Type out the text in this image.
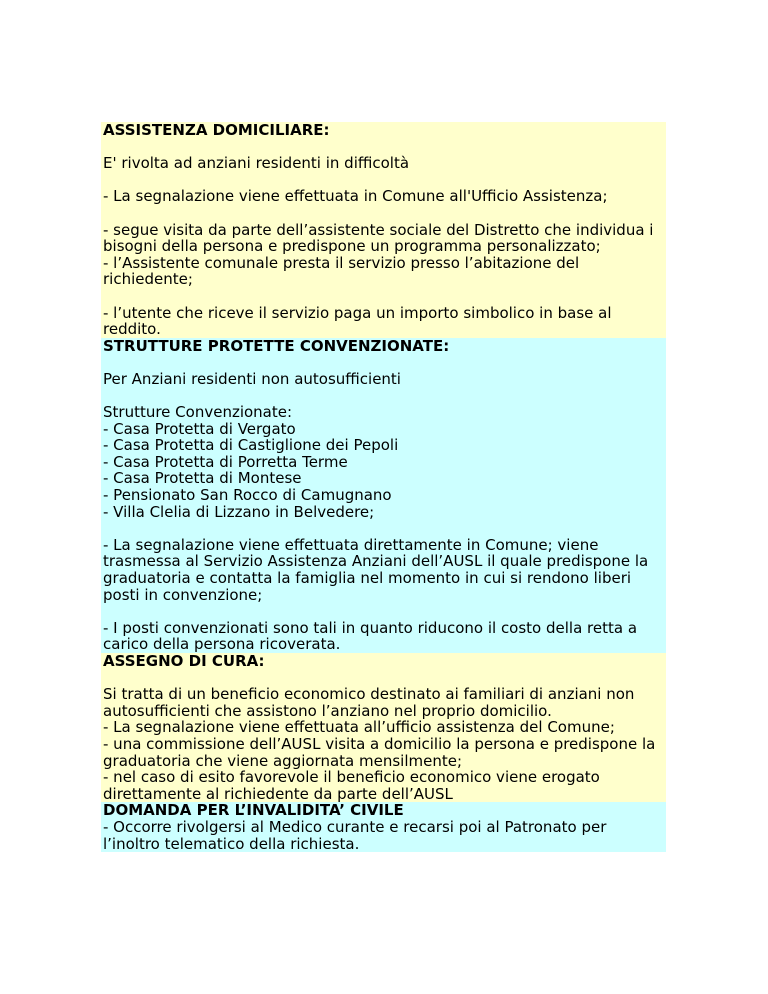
ASSISTENZA DOMICILIARE:
E' rivolta ad anziani residenti in difficoltà
- La segnalazione viene effettuata in Comune all'Ufficio Assistenza;
- segue visita da parte dell’assistente sociale del Distretto che individua i
bisogni della persona e predispone un programma personalizzato;
- l’Assistente comunale presta il servizio presso l’abitazione del
richiedente;
- l’utente che riceve il servizio paga un importo simbolico in base al
reddito.
STRUTTURE PROTETTE CONVENZIONATE:
Per Anziani residenti non autosufficienti
Strutture Convenzionate:
- Casa Protetta di Vergato
- Casa Protetta di Castiglione dei Pepoli
- Casa Protetta di Porretta Terme
- Casa Protetta di Montese
- Pensionato San Rocco di Camugnano
- Villa Clelia di Lizzano in Belvedere;
- La segnalazione viene effettuata direttamente in Comune; viene
trasmessa al Servizio Assistenza Anziani dell’AUSL il quale predispone la
graduatoria e contatta la famiglia nel momento in cui si rendono liberi
posti in convenzione;
- I posti convenzionati sono tali in quanto riducono il costo della retta a
carico della persona ricoverata.
ASSEGNO DI CURA:
Si tratta di un beneficio economico destinato ai familiari di anziani non
autosufficienti che assistono l’anziano nel proprio domicilio.
- La segnalazione viene effettuata all’ufficio assistenza del Comune;
- una commissione dell’AUSL visita a domicilio la persona e predispone la
graduatoria che viene aggiornata mensilmente;
- nel caso di esito favorevole il beneficio economico viene erogato
direttamente al richiedente da parte dell’AUSL
DOMANDA PER L’INVALIDITA’ CIVILE
- Occorre rivolgersi al Medico curante e recarsi poi al Patronato per
l’inoltro telematico della richiesta.
